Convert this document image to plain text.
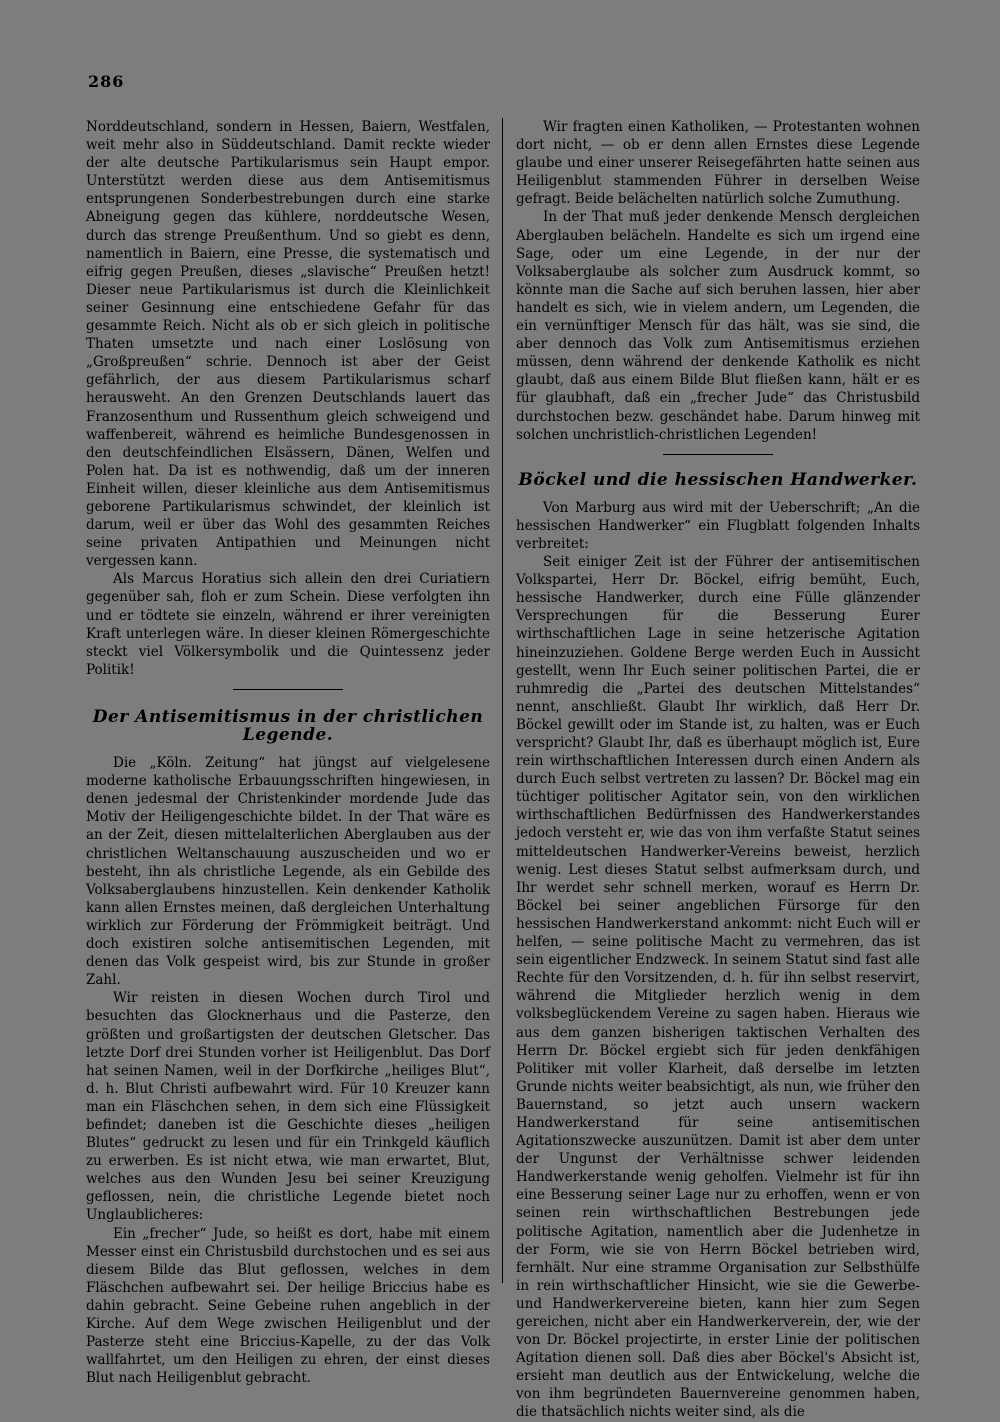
286

Norddeutschland, sondern in Hessen, Baiern, Westfalen, weit mehr also in Süddeutschland. Damit reckte wieder der alte deutsche Partikularismus sein Haupt empor. Unterstützt werden diese aus dem Antisemitismus entsprungenen Sonderbestrebungen durch eine starke Abneigung gegen das kühlere, norddeutsche Wesen, durch das strenge Preußenthum. Und so giebt es denn, namentlich in Baiern, eine Presse, die systematisch und eifrig gegen Preußen, dieses „slavische“ Preußen hetzt! Dieser neue Partikularismus ist durch die Kleinlichkeit seiner Gesinnung eine entschiedene Gefahr für das gesammte Reich. Nicht als ob er sich gleich in politische Thaten umsetzte und nach einer Loslösung von „Großpreußen“ schrie. Dennoch ist aber der Geist gefährlich, der aus diesem Partikularismus scharf herausweht. An den Grenzen Deutschlands lauert das Franzosenthum und Russenthum gleich schweigend und waffenbereit, während es heimliche Bundesgenossen in den deutschfeindlichen Elsässern, Dänen, Welfen und Polen hat. Da ist es nothwendig, daß um der inneren Einheit willen, dieser kleinliche aus dem Antisemitismus geborene Partikularismus schwindet, der kleinlich ist darum, weil er über das Wohl des gesammten Reiches seine privaten Antipathien und Meinungen nicht vergessen kann.

Als Marcus Horatius sich allein den drei Curiatiern gegenüber sah, floh er zum Schein. Diese verfolgten ihn und er tödtete sie einzeln, während er ihrer vereinigten Kraft unterlegen wäre. In dieser kleinen Römergeschichte steckt viel Völkersymbolik und die Quintessenz jeder Politik!

Der Antisemitismus in der christlichen Legende.

Die „Köln. Zeitung“ hat jüngst auf vielgelesene moderne katholische Erbauungsschriften hingewiesen, in denen jedesmal der Christenkinder mordende Jude das Motiv der Heiligengeschichte bildet. In der That wäre es an der Zeit, diesen mittelalterlichen Aberglauben aus der christlichen Weltanschauung auszuscheiden und wo er besteht, ihn als christliche Legende, als ein Gebilde des Volksaberglaubens hinzustellen. Kein denkender Katholik kann allen Ernstes meinen, daß dergleichen Unterhaltung wirklich zur Förderung der Frömmigkeit beiträgt. Und doch existiren solche antisemitischen Legenden, mit denen das Volk gespeist wird, bis zur Stunde in großer Zahl.

Wir reisten in diesen Wochen durch Tirol und besuchten das Glocknerhaus und die Pasterze, den größten und großartigsten der deutschen Gletscher. Das letzte Dorf drei Stunden vorher ist Heiligenblut. Das Dorf hat seinen Namen, weil in der Dorfkirche „heiliges Blut“, d. h. Blut Christi aufbewahrt wird. Für 10 Kreuzer kann man ein Fläschchen sehen, in dem sich eine Flüssigkeit befindet; daneben ist die Geschichte dieses „heiligen Blutes“ gedruckt zu lesen und für ein Trinkgeld käuflich zu erwerben. Es ist nicht etwa, wie man erwartet, Blut, welches aus den Wunden Jesu bei seiner Kreuzigung geflossen, nein, die christliche Legende bietet noch Unglaublicheres:

Ein „frecher“ Jude, so heißt es dort, habe mit einem Messer einst ein Christusbild durchstochen und es sei aus diesem Bilde das Blut geflossen, welches in dem Fläschchen aufbewahrt sei. Der heilige Briccius habe es dahin gebracht. Seine Gebeine ruhen angeblich in der Kirche. Auf dem Wege zwischen Heiligenblut und der Pasterze steht eine Briccius-Kapelle, zu der das Volk wallfahrtet, um den Heiligen zu ehren, der einst dieses Blut nach Heiligenblut gebracht.

Wir fragten einen Katholiken, — Protestanten wohnen dort nicht, — ob er denn allen Ernstes diese Legende glaube und einer unserer Reisegefährten hatte seinen aus Heiligenblut stammenden Führer in derselben Weise gefragt. Beide belächelten natürlich solche Zumuthung.

In der That muß jeder denkende Mensch dergleichen Aberglauben belächeln. Handelte es sich um irgend eine Sage, oder um eine Legende, in der nur der Volksaberglaube als solcher zum Ausdruck kommt, so könnte man die Sache auf sich beruhen lassen, hier aber handelt es sich, wie in vielem andern, um Legenden, die ein vernünftiger Mensch für das hält, was sie sind, die aber dennoch das Volk zum Antisemitismus erziehen müssen, denn während der denkende Katholik es nicht glaubt, daß aus einem Bilde Blut fließen kann, hält er es für glaubhaft, daß ein „frecher Jude“ das Christusbild durchstochen bezw. geschändet habe. Darum hinweg mit solchen unchristlich-christlichen Legenden!

Böckel und die hessischen Handwerker.

Von Marburg aus wird mit der Ueberschrift; „An die hessischen Handwerker“ ein Flugblatt folgenden Inhalts verbreitet:

Seit einiger Zeit ist der Führer der antisemitischen Volkspartei, Herr Dr. Böckel, eifrig bemüht, Euch, hessische Handwerker, durch eine Fülle glänzender Versprechungen für die Besserung Eurer wirthschaftlichen Lage in seine hetzerische Agitation hineinzuziehen. Goldene Berge werden Euch in Aussicht gestellt, wenn Ihr Euch seiner politischen Partei, die er ruhmredig die „Partei des deutschen Mittelstandes“ nennt, anschließt. Glaubt Ihr wirklich, daß Herr Dr. Böckel gewillt oder im Stande ist, zu halten, was er Euch verspricht? Glaubt Ihr, daß es überhaupt möglich ist, Eure rein wirthschaftlichen Interessen durch einen Andern als durch Euch selbst vertreten zu lassen? Dr. Böckel mag ein tüchtiger politischer Agitator sein, von den wirklichen wirthschaftlichen Bedürfnissen des Handwerkerstandes jedoch versteht er, wie das von ihm verfaßte Statut seines mitteldeutschen Handwerker-Vereins beweist, herzlich wenig. Lest dieses Statut selbst aufmerksam durch, und Ihr werdet sehr schnell merken, worauf es Herrn Dr. Böckel bei seiner angeblichen Fürsorge für den hessischen Handwerkerstand ankommt: nicht Euch will er helfen, — seine politische Macht zu vermehren, das ist sein eigentlicher Endzweck. In seinem Statut sind fast alle Rechte für den Vorsitzenden, d. h. für ihn selbst reservirt, während die Mitglieder herzlich wenig in dem volksbeglückendem Vereine zu sagen haben. Hieraus wie aus dem ganzen bisherigen taktischen Verhalten des Herrn Dr. Böckel ergiebt sich für jeden denkfähigen Politiker mit voller Klarheit, daß derselbe im letzten Grunde nichts weiter beabsichtigt, als nun, wie früher den Bauernstand, so jetzt auch unsern wackern Handwerkerstand für seine antisemitischen Agitationszwecke auszunützen. Damit ist aber dem unter der Ungunst der Verhältnisse schwer leidenden Handwerkerstande wenig geholfen. Vielmehr ist für ihn eine Besserung seiner Lage nur zu erhoffen, wenn er von seinen rein wirthschaftlichen Bestrebungen jede politische Agitation, namentlich aber die Judenhetze in der Form, wie sie von Herrn Böckel betrieben wird, fernhält. Nur eine stramme Organisation zur Selbsthülfe in rein wirthschaftlicher Hinsicht, wie sie die Gewerbe- und Handwerkervereine bieten, kann hier zum Segen gereichen, nicht aber ein Handwerkerverein, der, wie der von Dr. Böckel projectirte, in erster Linie der politischen Agitation dienen soll. Daß dies aber Böckel's Absicht ist, ersieht man deutlich aus der Entwickelung, welche die von ihm begründeten Bauernvereine genommen haben, die thatsächlich nichts weiter sind, als die
